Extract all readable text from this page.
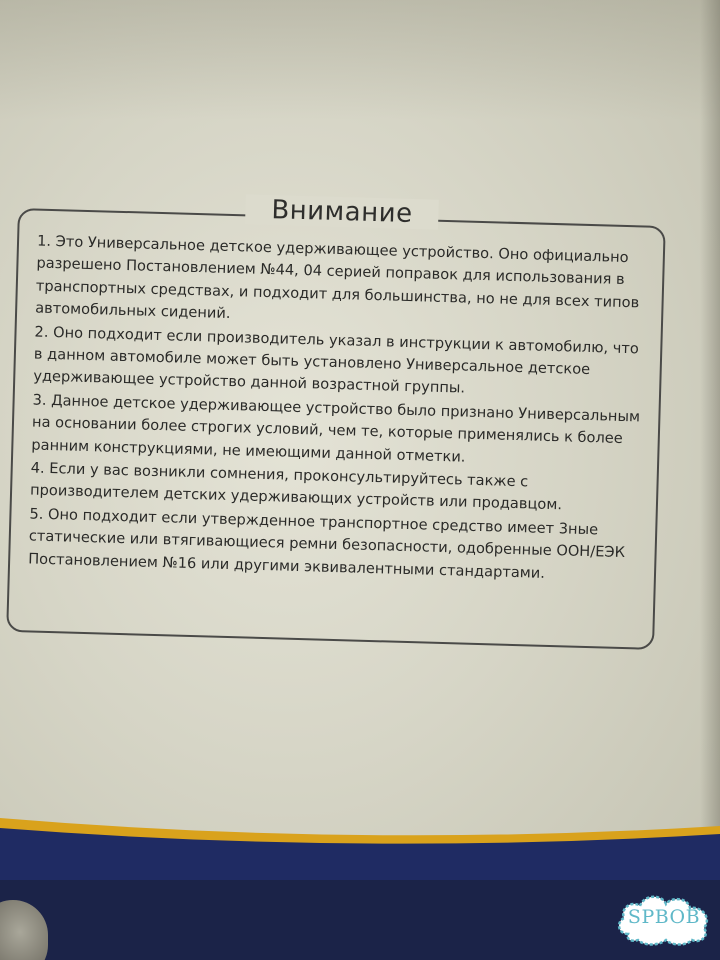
Внимание
1. Это Универсальное детское удерживающее устройство. Оно официально разрешено Постановлением №44, 04 серией поправок для использования в транспортных средствах, и подходит для большинства, но не для всех типов автомобильных сидений.
2. Оно подходит если производитель указал в инструкции к автомобилю, что в данном автомобиле может быть установлено Универсальное детское удерживающее устройство данной возрастной группы.
3. Данное детское удерживающее устройство было признано Универсальным на основании более строгих условий, чем те, которые применялись к более ранним конструкциями, не имеющими данной отметки.
4. Если у вас возникли сомнения, проконсультируйтесь также с производителем детских удерживающих устройств или продавцом.
5. Оно подходит если утвержденное транспортное средство имеет 3ные статические или втягивающиеся ремни безопасности, одобренные ООН/ЕЭК Постановлением №16 или другими эквивалентными стандартами.
SPBOB
